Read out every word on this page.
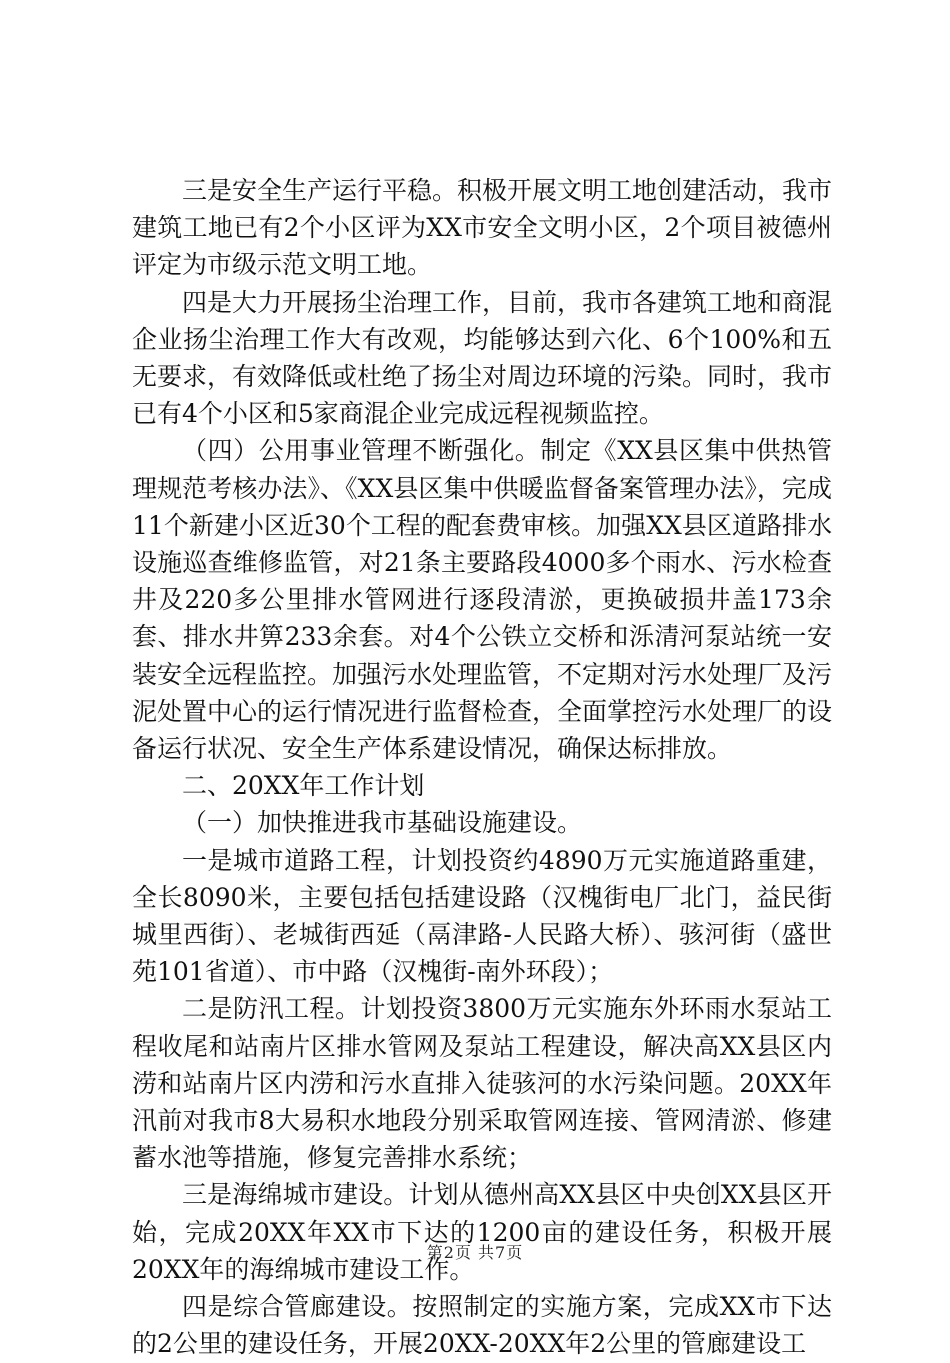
三是安全生产运行平稳。积极开展文明工地创建活动，我市建筑工地已有2个小区评为XX市安全文明小区，2个项目被德州评定为市级示范文明工地。

四是大力开展扬尘治理工作，目前，我市各建筑工地和商混企业扬尘治理工作大有改观，均能够达到六化、6个100%和五无要求，有效降低或杜绝了扬尘对周边环境的污染。同时，我市已有4个小区和5家商混企业完成远程视频监控。

（四）公用事业管理不断强化。制定《XX县区集中供热管理规范考核办法》、《XX县区集中供暖监督备案管理办法》，完成11个新建小区近30个工程的配套费审核。加强XX县区道路排水设施巡查维修监管，对21条主要路段4000多个雨水、污水检查井及220多公里排水管网进行逐段清淤，更换破损井盖173余套、排水井箅233余套。对4个公铁立交桥和泺清河泵站统一安装安全远程监控。加强污水处理监管，不定期对污水处理厂及污泥处置中心的运行情况进行监督检查，全面掌控污水处理厂的设备运行状况、安全生产体系建设情况，确保达标排放。

二、20XX年工作计划

（一）加快推进我市基础设施建设。

一是城市道路工程，计划投资约4890万元实施道路重建，全长8090米，主要包括包括建设路（汉槐街电厂北门，益民街城里西街）、老城街西延（鬲津路-人民路大桥）、骇河街（盛世苑101省道）、市中路（汉槐街-南外环段）；

二是防汛工程。计划投资3800万元实施东外环雨水泵站工程收尾和站南片区排水管网及泵站工程建设，解决高XX县区内涝和站南片区内涝和污水直排入徒骇河的水污染问题。20XX年汛前对我市8大易积水地段分别采取管网连接、管网清淤、修建蓄水池等措施，修复完善排水系统；

三是海绵城市建设。计划从德州高XX县区中央创XX县区开始，完成20XX年XX市下达的1200亩的建设任务，积极开展20XX年的海绵城市建设工作。

四是综合管廊建设。按照制定的实施方案，完成XX市下达的2公里的建设任务，开展20XX-20XX年2公里的管廊建设工

第2页 共7页
